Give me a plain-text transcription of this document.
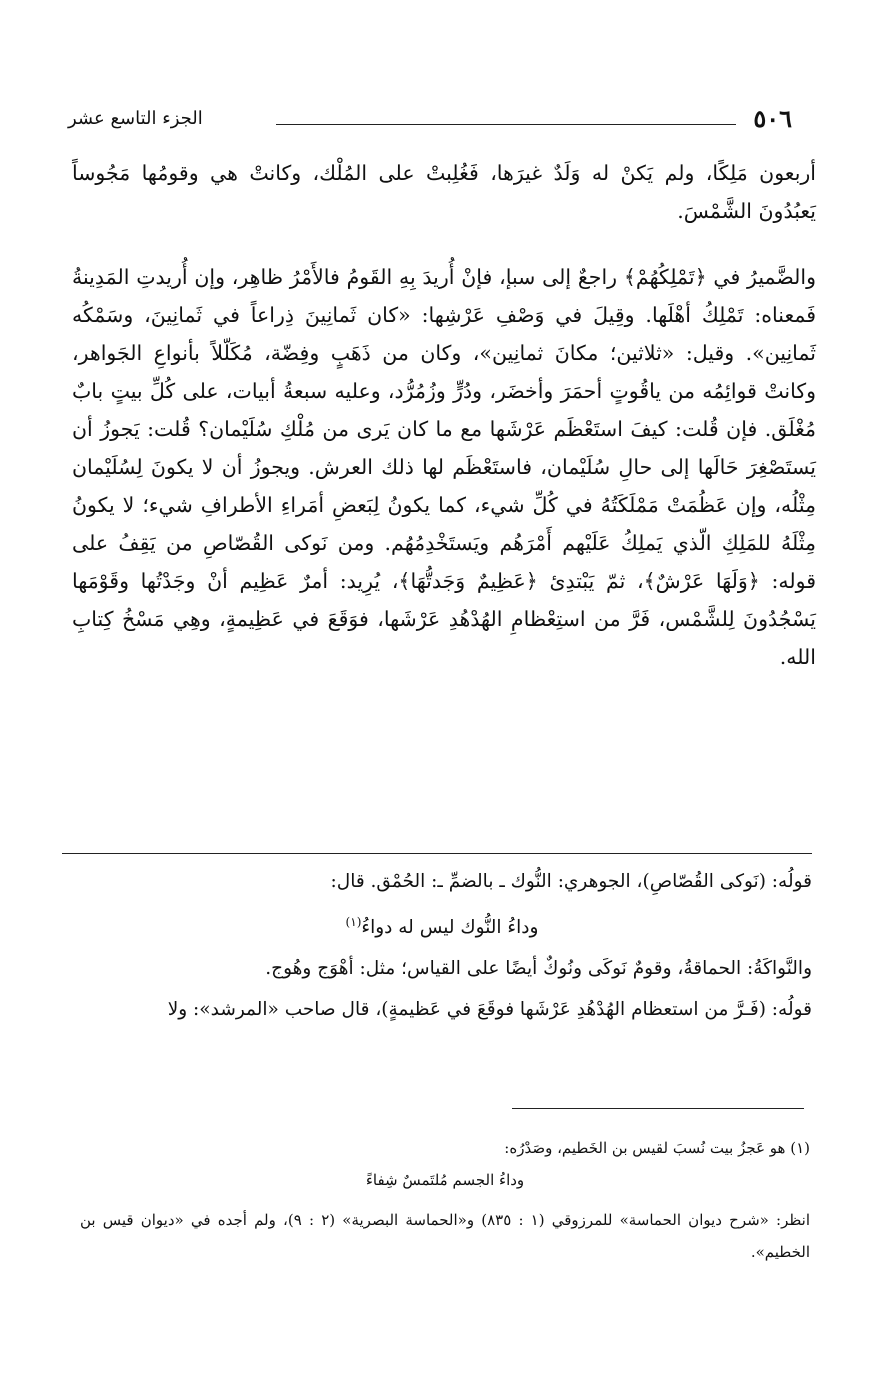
٥٠٦
الجزء التاسع عشر

أربعون مَلِكًا، ولم يَكنْ له وَلَدٌ غيرَها، فَغُلِبتْ على المُلْك، وكانتْ هي وقومُها مَجُوساً يَعبُدُونَ الشَّمْسَ.

والضَّميرُ في ﴿تَمْلِكُهُمْ﴾ راجعٌ إلى سبإ، فإنْ أُريدَ بِهِ القَومُ فالأَمْرُ ظاهِر، وإن أُريدتِ المَدِينةُ فَمعناه: تَمْلِكُ أهْلَها. وقِيلَ في وَصْفِ عَرْشِها: «كان ثَمانِينَ ذِراعاً في ثَمانِينَ، وسَمْكُه ثَمانِين». وقيل: «ثلاثين؛ مكانَ ثمانِين»، وكان من ذَهَبٍ وفِضّة، مُكَلّلاً بأنواعِ الجَواهر، وكانتْ قوائِمُه من ياقُوتٍ أحمَرَ وأخضَر، ودُرٍّ وزُمُرُّد، وعليه سبعةُ أبيات، على كُلِّ بيتٍ بابٌ مُغْلَق. فإن قُلت: كيفَ استَعْظَم عَرْشَها مع ما كان يَرى من مُلْكِ سُلَيْمان؟ قُلت: يَجوزُ أن يَستَصْغِرَ حَالَها إلى حالِ سُلَيْمان، فاستَعْظَم لها ذلك العرش. ويجوزُ أن لا يكونَ لِسُلَيْمان مِثْلُه، وإن عَظُمَتْ مَمْلَكَتُهُ في كُلِّ شيء، كما يكونُ لِبَعضِ أمَراءِ الأطرافِ شيء؛ لا يكونُ مِثْلَهُ للمَلِكِ الّذي يَملِكُ عَلَيْهم أَمْرَهُم ويَستَخْدِمُهُم. ومن نَوكى القُصّاصِ من يَقِفُ على قوله: ﴿وَلَهَا عَرْشٌ﴾، ثمّ يَبْتدِئ ﴿عَظِيمٌ وَجَدتُّهَا﴾، يُرِيد: أمرٌ عَظِيم أنْ وجَدْتُها وقَوْمَها يَسْجُدُونَ لِلشَّمْس، فَرَّ من استِعْظامِ الهُدْهُدِ عَرْشَها، فوَقَعَ في عَظِيمةٍ، وهِي مَسْخُ كِتابِ الله.

قولُه: (نَوكى القُصّاصِ)، الجوهري: النُّوك ـ بالضمِّ ـ: الحُمْق. قال:

وداءُ النُّوك ليس له دواءُ$^{(١)}$

والنَّواكَةُ: الحماقةُ، وقومٌ نَوكَى ونُوكٌ أيضًا على القياس؛ مثل: أهْوَج وهُوج.

قولُه: (فَـرَّ من استعظام الهُدْهُدِ عَرْشَها فوقَعَ في عَظيمةٍ)، قال صاحب «المرشد»: ولا

(١) هو عَجزُ بيت نُسبَ لقيس بن الخَطيم، وصَدْرُه:

وداءُ الجسم مُلتَمسٌ شِفاءً

انظر: «شرح ديوان الحماسة» للمرزوقي (١ : ٨٣٥) و«الحماسة البصرية» (٢ : ٩)، ولم أجده في «ديوان قيس بن الخطيم».
